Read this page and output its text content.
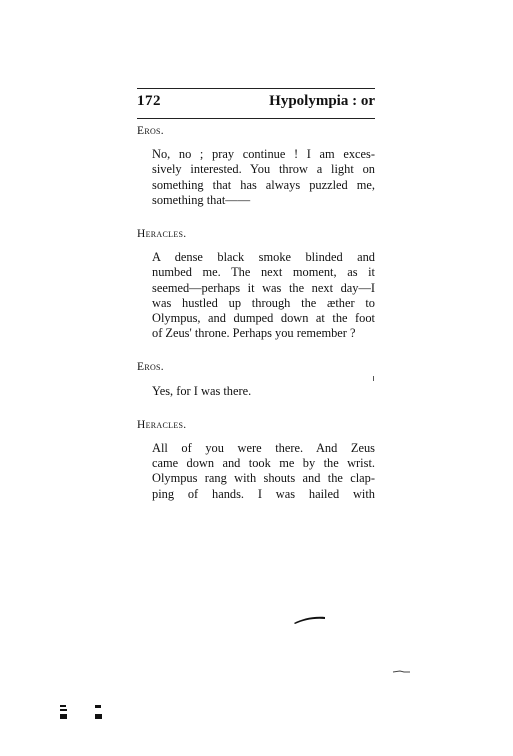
172	Hypolympia : or

Eros.

No, no ; pray continue ! I am exces-
sively interested. You throw a light on
something that has always puzzled me,
something that——

Heracles.

A dense black smoke blinded and
numbed me. The next moment, as it
seemed—perhaps it was the next day—I
was hustled up through the æther to
Olympus, and dumped down at the foot
of Zeus' throne. Perhaps you remember ?

Eros.

Yes, for I was there.

Heracles.

All of you were there. And Zeus
came down and took me by the wrist.
Olympus rang with shouts and the clap-
ping of hands. I was hailed with
